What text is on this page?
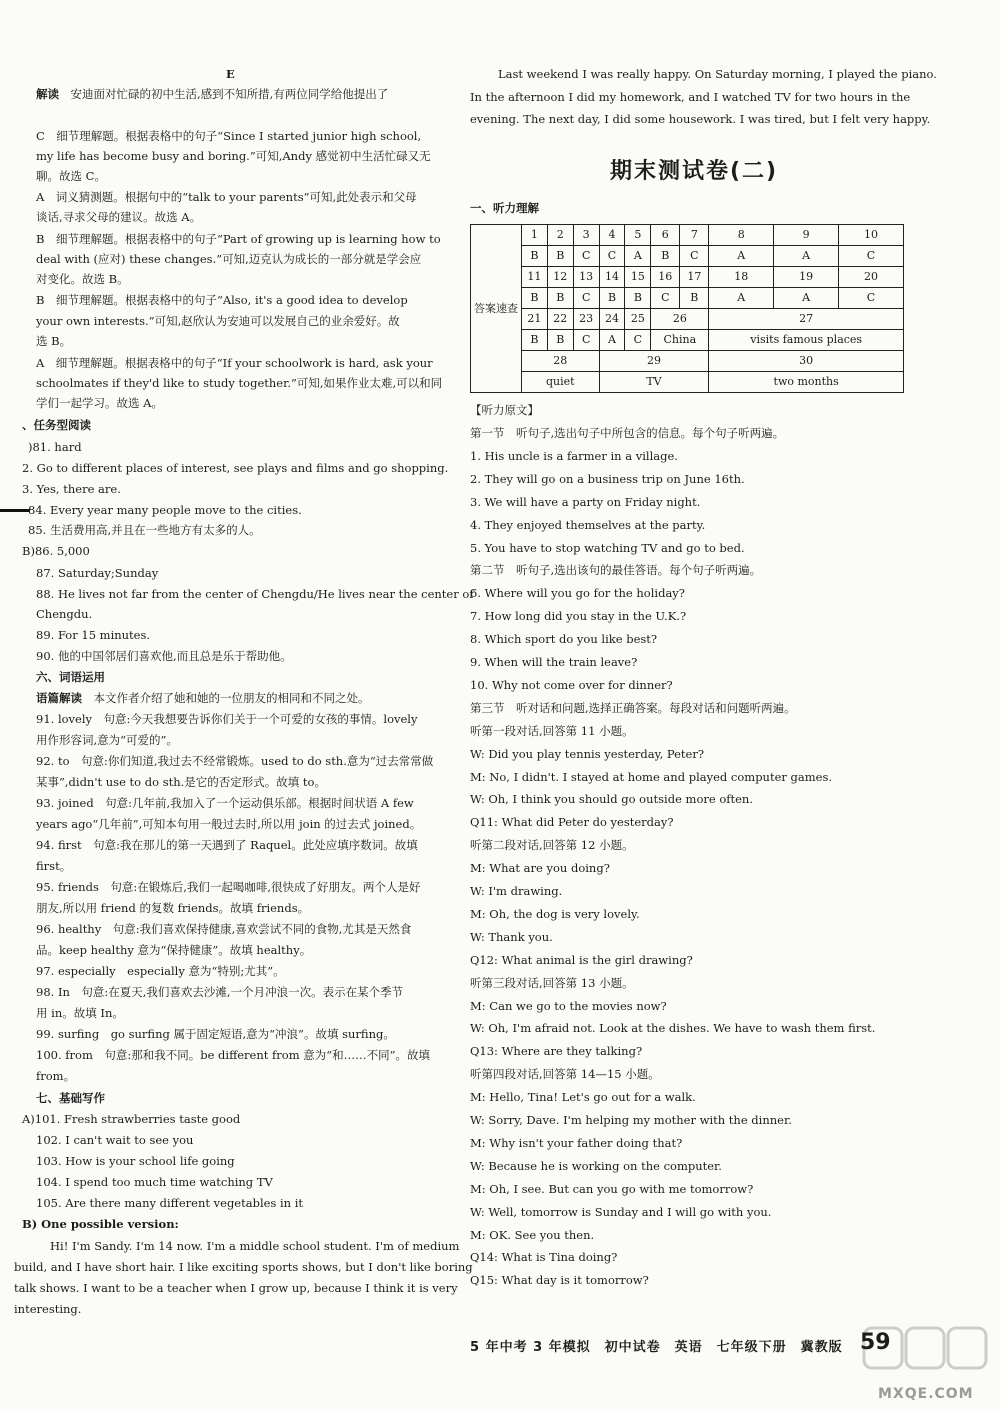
E
解读　 安迪面对忙碌的初中生活,感到不知所措,有两位同学给他提出了
C　细节理解题。根据表格中的句子“Since I started junior high school,
my life has become busy and boring.”可知,Andy 感觉初中生活忙碌又无
聊。故选 C。
A　词义猜测题。根据句中的“talk to your parents”可知,此处表示和父母
谈话,寻求父母的建议。故选 A。
B　细节理解题。根据表格中的句子“Part of growing up is learning how to
deal with (应对) these changes.”可知,迈克认为成长的一部分就是学会应
对变化。故选 B。
B　细节理解题。根据表格中的句子“Also, it's a good idea to develop
your own interests.”可知,赵欣认为安迪可以发展自己的业余爱好。故
选 B。
A　细节理解题。根据表格中的句子“If your schoolwork is hard, ask your
schoolmates if they'd like to study together.”可知,如果作业太难,可以和同
学们一起学习。故选 A。
、任务型阅读
)81. hard
2. Go to different places of interest, see plays and films and go shopping.
3. Yes, there are.
84. Every year many people move to the cities.
85. 生活费用高,并且在一些地方有太多的人。
B)86. 5,000
87. Saturday;Sunday
88. He lives not far from the center of Chengdu/He lives near the center of
Chengdu.
89. For 15 minutes.
90. 他的中国邻居们喜欢他,而且总是乐于帮助他。
六、词语运用
语篇解读　 本文作者介绍了她和她的一位朋友的相同和不同之处。
91. lovely　句意:今天我想要告诉你们关于一个可爱的女孩的事情。lovely
用作形容词,意为“可爱的”。
92. to　句意:你们知道,我过去不经常锻炼。used to do sth.意为“过去常常做
某事”,didn't use to do sth.是它的否定形式。故填 to。
93. joined　句意:几年前,我加入了一个运动俱乐部。根据时间状语 A few
years ago“几年前”,可知本句用一般过去时,所以用 join 的过去式 joined。
94. first　句意:我在那儿的第一天遇到了 Raquel。此处应填序数词。故填
first。
95. friends　句意:在锻炼后,我们一起喝咖啡,很快成了好朋友。两个人是好
朋友,所以用 friend 的复数 friends。故填 friends。
96. healthy　句意:我们喜欢保持健康,喜欢尝试不同的食物,尤其是天然食
品。keep healthy 意为“保持健康”。故填 healthy。
97. especially　especially 意为“特别;尤其”。
98. In　句意:在夏天,我们喜欢去沙滩,一个月冲浪一次。表示在某个季节
用 in。故填 In。
99. surfing　go surfing 属于固定短语,意为“冲浪”。故填 surfing。
100. from　句意:那和我不同。be different from 意为“和……不同”。故填
from。
七、基础写作
A)101. Fresh strawberries taste good
102. I can't wait to see you
103. How is your school life going
104. I spend too much time watching TV
105. Are there many different vegetables in it
B) One possible version:
Hi! I'm Sandy. I'm 14 now. I'm a middle school student. I'm of medium
build, and I have short hair. I like exciting sports shows, but I don't like boring
talk shows. I want to be a teacher when I grow up, because I think it is very
interesting.
Last weekend I was really happy. On Saturday morning, I played the piano.
In the afternoon I did my homework, and I watched TV for two hours in the
evening. The next day, I did some housework. I was tired, but I felt very happy.
期末测试卷(二)
一、听力理解
答案速查	1	2	3	4	5	6	7	8	9	10
	B	B	C	C	A	B	C	A	A	C
	11	12	13	14	15	16	17	18	19	20
	B	B	C	B	B	C	B	A	A	C
	21	22	23	24	25	26		27		
	B	B	C	A	C	China		visits famous places		
	28			29				30		
	quiet			TV				two months		
【听力原文】
第一节　听句子,选出句子中所包含的信息。每个句子听两遍。
1. His uncle is a farmer in a village.
2. They will go on a business trip on June 16th.
3. We will have a party on Friday night.
4. They enjoyed themselves at the party.
5. You have to stop watching TV and go to bed.
第二节　听句子,选出该句的最佳答语。每个句子听两遍。
6. Where will you go for the holiday?
7. How long did you stay in the U.K.?
8. Which sport do you like best?
9. When will the train leave?
10. Why not come over for dinner?
第三节　听对话和问题,选择正确答案。每段对话和问题听两遍。
听第一段对话,回答第 11 小题。
W: Did you play tennis yesterday, Peter?
M: No, I didn't. I stayed at home and played computer games.
W: Oh, I think you should go outside more often.
Q11: What did Peter do yesterday?
听第二段对话,回答第 12 小题。
M: What are you doing?
W: I'm drawing.
M: Oh, the dog is very lovely.
W: Thank you.
Q12: What animal is the girl drawing?
听第三段对话,回答第 13 小题。
M: Can we go to the movies now?
W: Oh, I'm afraid not. Look at the dishes. We have to wash them first.
Q13: Where are they talking?
听第四段对话,回答第 14—15 小题。
M: Hello, Tina! Let's go out for a walk.
W: Sorry, Dave. I'm helping my mother with the dinner.
M: Why isn't your father doing that?
W: Because he is working on the computer.
M: Oh, I see. But can you go with me tomorrow?
W: Well, tomorrow is Sunday and I will go with you.
M: OK. See you then.
Q14: What is Tina doing?
Q15: What day is it tomorrow?
5 年中考 3 年模拟　初中试卷　英语　七年级下册　冀教版 59
MXQE.COM
